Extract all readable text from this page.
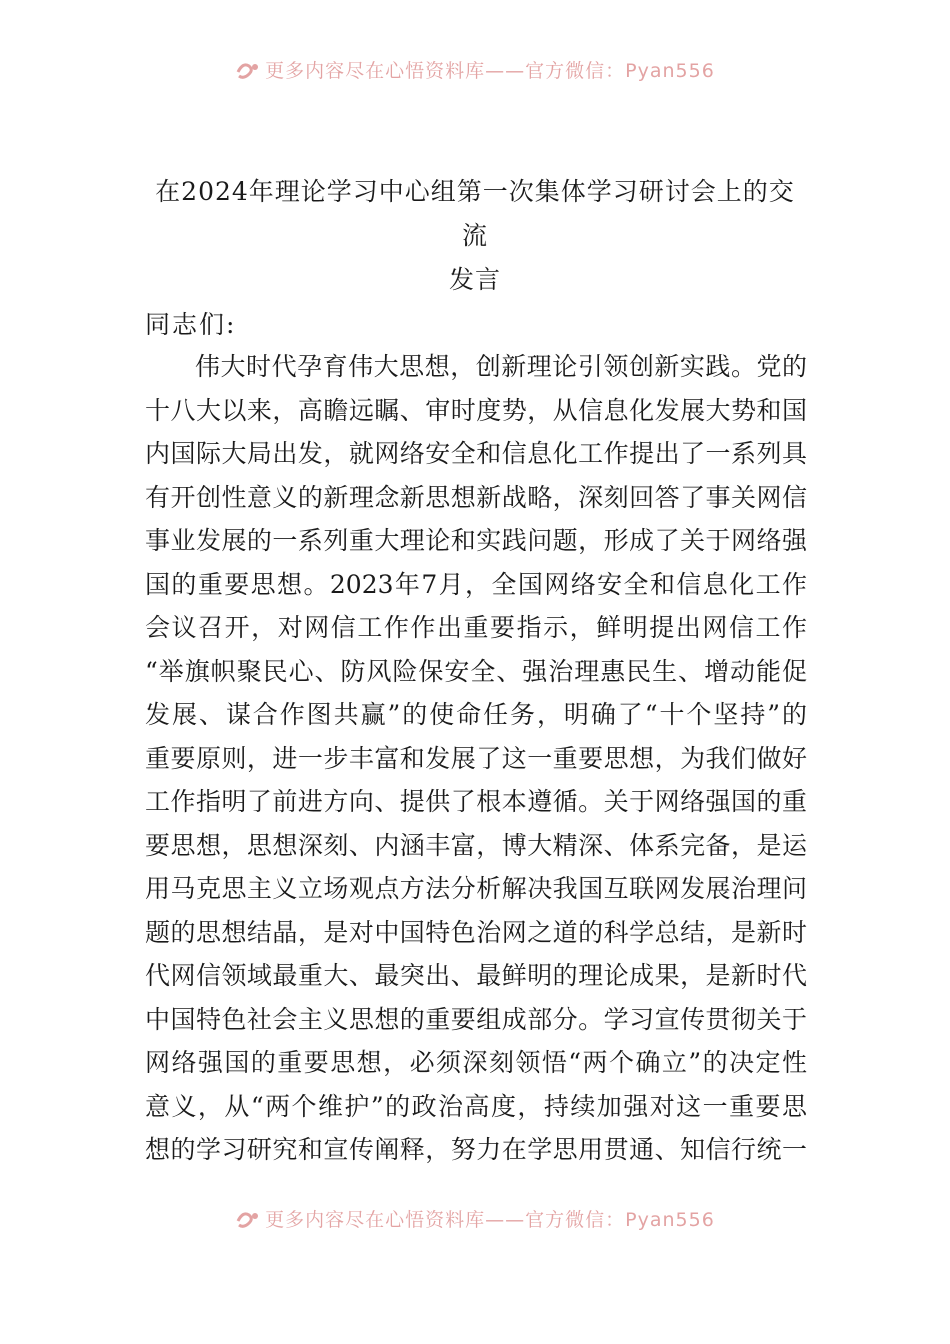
更多内容尽在心悟资料库——官方微信：Pyan556
在2024年理论学习中心组第一次集体学习研讨会上的交流
发言
同志们:
伟大时代孕育伟大思想，创新理论引领创新实践。党的
十八大以来，高瞻远瞩、审时度势，从信息化发展大势和国
内国际大局出发，就网络安全和信息化工作提出了一系列具
有开创性意义的新理念新思想新战略，深刻回答了事关网信
事业发展的一系列重大理论和实践问题，形成了关于网络强
国的重要思想。2023年7月，全国网络安全和信息化工作
会议召开，对网信工作作出重要指示，鲜明提出网信工作
“举旗帜聚民心、防风险保安全、强治理惠民生、增动能促
发展、谋合作图共赢”的使命任务，明确了“十个坚持”的
重要原则，进一步丰富和发展了这一重要思想，为我们做好
工作指明了前进方向、提供了根本遵循。关于网络强国的重
要思想，思想深刻、内涵丰富，博大精深、体系完备，是运
用马克思主义立场观点方法分析解决我国互联网发展治理问
题的思想结晶，是对中国特色治网之道的科学总结，是新时
代网信领域最重大、最突出、最鲜明的理论成果，是新时代
中国特色社会主义思想的重要组成部分。学习宣传贯彻关于
网络强国的重要思想，必须深刻领悟“两个确立”的决定性
意义，从“两个维护”的政治高度，持续加强对这一重要思
想的学习研究和宣传阐释，努力在学思用贯通、知信行统一
更多内容尽在心悟资料库——官方微信：Pyan556
